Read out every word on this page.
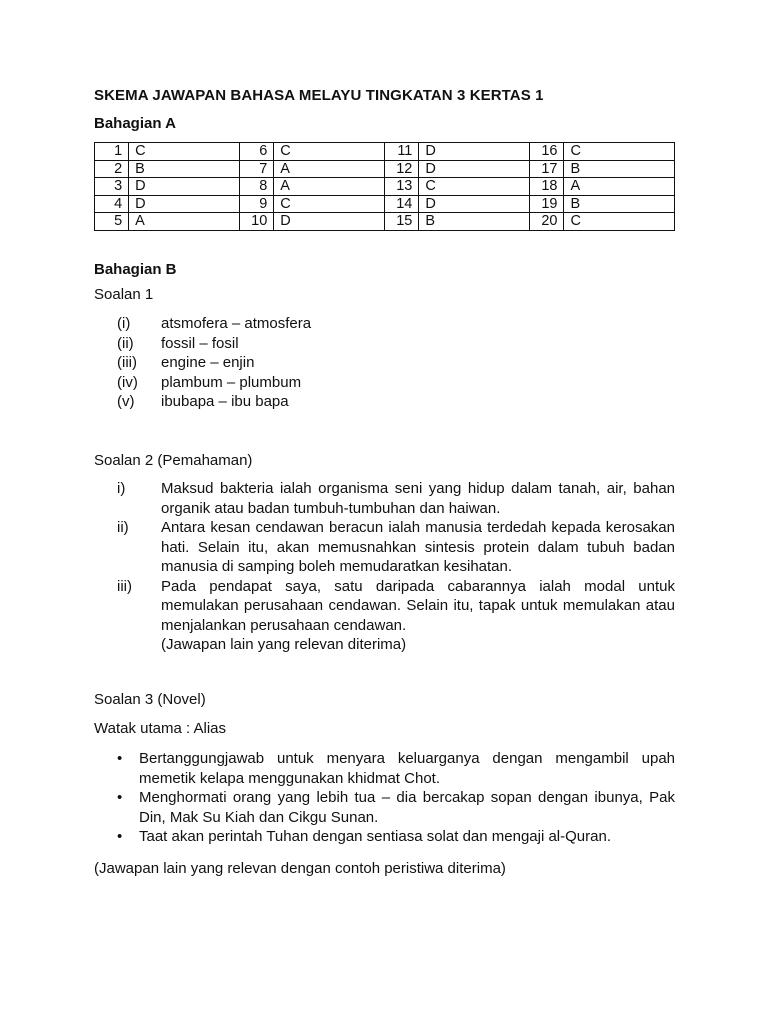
SKEMA JAWAPAN BAHASA MELAYU TINGKATAN 3 KERTAS 1
Bahagian A
1	C	6	C	11	D	16	C
2	B	7	A	12	D	17	B
3	D	8	A	13	C	18	A
4	D	9	C	14	D	19	B
5	A	10	D	15	B	20	C
Bahagian B
Soalan 1
(i)	atsmofera – atmosfera
(ii)	fossil – fosil
(iii)	engine – enjin
(iv)	plambum – plumbum
(v)	ibubapa – ibu bapa
Soalan 2 (Pemahaman)
i)	Maksud bakteria ialah organisma seni yang hidup dalam tanah, air, bahan organik atau badan tumbuh-tumbuhan dan haiwan.
ii)	Antara kesan cendawan beracun ialah manusia terdedah kepada kerosakan hati. Selain itu, akan memusnahkan sintesis protein dalam tubuh badan manusia di samping boleh memudaratkan kesihatan.
iii)	Pada pendapat saya, satu daripada cabarannya ialah modal untuk memulakan perusahaan cendawan. Selain itu, tapak untuk memulakan atau menjalankan perusahaan cendawan.
(Jawapan lain yang relevan diterima)
Soalan 3 (Novel)
Watak utama : Alias
•	Bertanggungjawab untuk menyara keluarganya dengan mengambil upah memetik kelapa menggunakan khidmat Chot.
•	Menghormati orang yang lebih tua – dia bercakap sopan dengan ibunya, Pak Din, Mak Su Kiah dan Cikgu Sunan.
•	Taat akan perintah Tuhan dengan sentiasa solat dan mengaji al-Quran.
(Jawapan lain yang relevan dengan contoh peristiwa diterima)
